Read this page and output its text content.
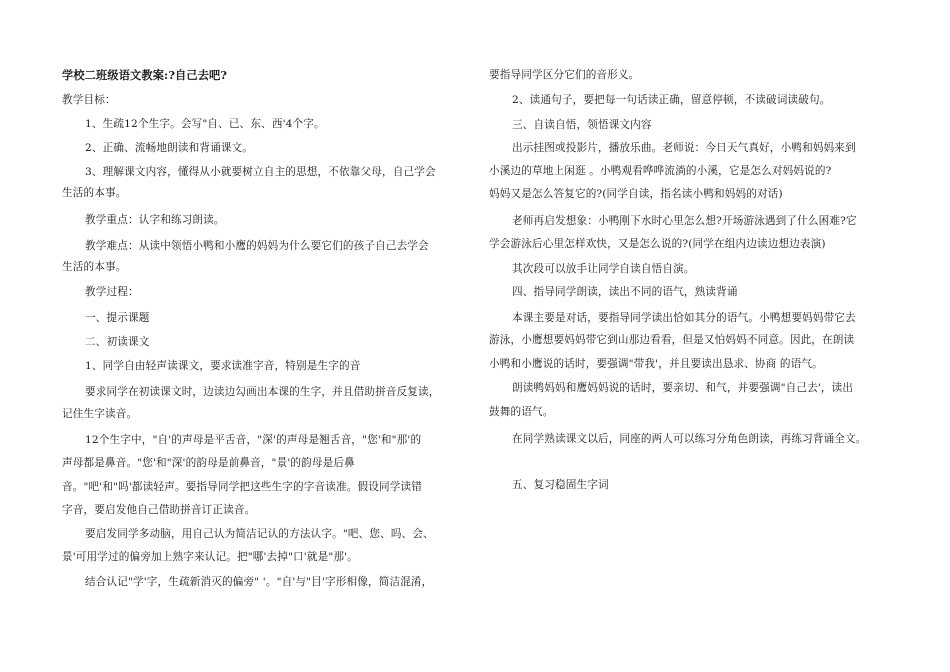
学校二班级语文教案:?自己去吧?
教学目标：
1、生疏12个生字。会写"自、已、东、西'4个字。
2、正确、流畅地朗读和背诵课文。
3、理解课文内容，懂得从小就要树立自主的思想，不依靠父母，自己学会
生活的本事。
教学重点：认字和练习朗读。
教学难点：从读中领悟小鸭和小鹰的妈妈为什么要它们的孩子自己去学会
生活的本事。
教学过程：
一、提示课题
二、初读课文
1、同学自由轻声读课文，要求读准字音，特别是生字的音
要求同学在初读课文时，边读边勾画出本课的生字，并且借助拼音反复读，
记住生字读音。
12个生字中，"自'的声母是平舌音，"深'的声母是翘舌音，"您'和"那'的
声母都是鼻音。"您'和"深'的韵母是前鼻音，"景'的韵母是后鼻
音。"吧'和"吗'都读轻声。要指导同学把这些生字的字音读准。假设同学读错
字音，要启发他自己借助拼音订正读音。
要启发同学多动脑，用自己认为简洁记认的方法认字。"吧、您、吗、会、
景'可用学过的偏旁加上熟字来认记。把"哪'去掉"口'就是"那'。
结合认记"学'字，生疏新消灭的偏旁" '。"自'与"目'字形相像，简洁混淆，
要指导同学区分它们的音形义。
2、读通句子，要把每一句话读正确，留意停顿，不读破词读破句。
三、自读自悟，领悟课文内容
出示挂图或投影片，播放乐曲。老师说：今日天气真好，小鸭和妈妈来到
小溪边的草地上闲逛 。小鸭观看哗哗流淌的小溪，它是怎么对妈妈说的?
妈妈又是怎么答复它的?(同学自读，指名读小鸭和妈妈的对话)
老师再启发想象：小鸭刚下水时心里怎么想?开场游泳遇到了什么困难?它
学会游泳后心里怎样欢快，又是怎么说的?(同学在组内边读边想边表演)
其次段可以放手让同学自读自悟自演。
四、指导同学朗读，读出不同的语气，熟读背诵
本课主要是对话，要指导同学读出恰如其分的语气。小鸭想要妈妈带它去
游泳，小鹰想要妈妈带它到山那边看看，但是又怕妈妈不同意。因此，在朗读
小鸭和小鹰说的话时，要强调"带我'，并且要读出恳求、协商 的语气。
朗读鸭妈妈和鹰妈妈说的话时，要亲切、和气，并要强调"自己去'，读出
鼓舞的语气。
在同学熟读课文以后，同座的两人可以练习分角色朗读，再练习背诵全文。
五、复习稳固生字词
